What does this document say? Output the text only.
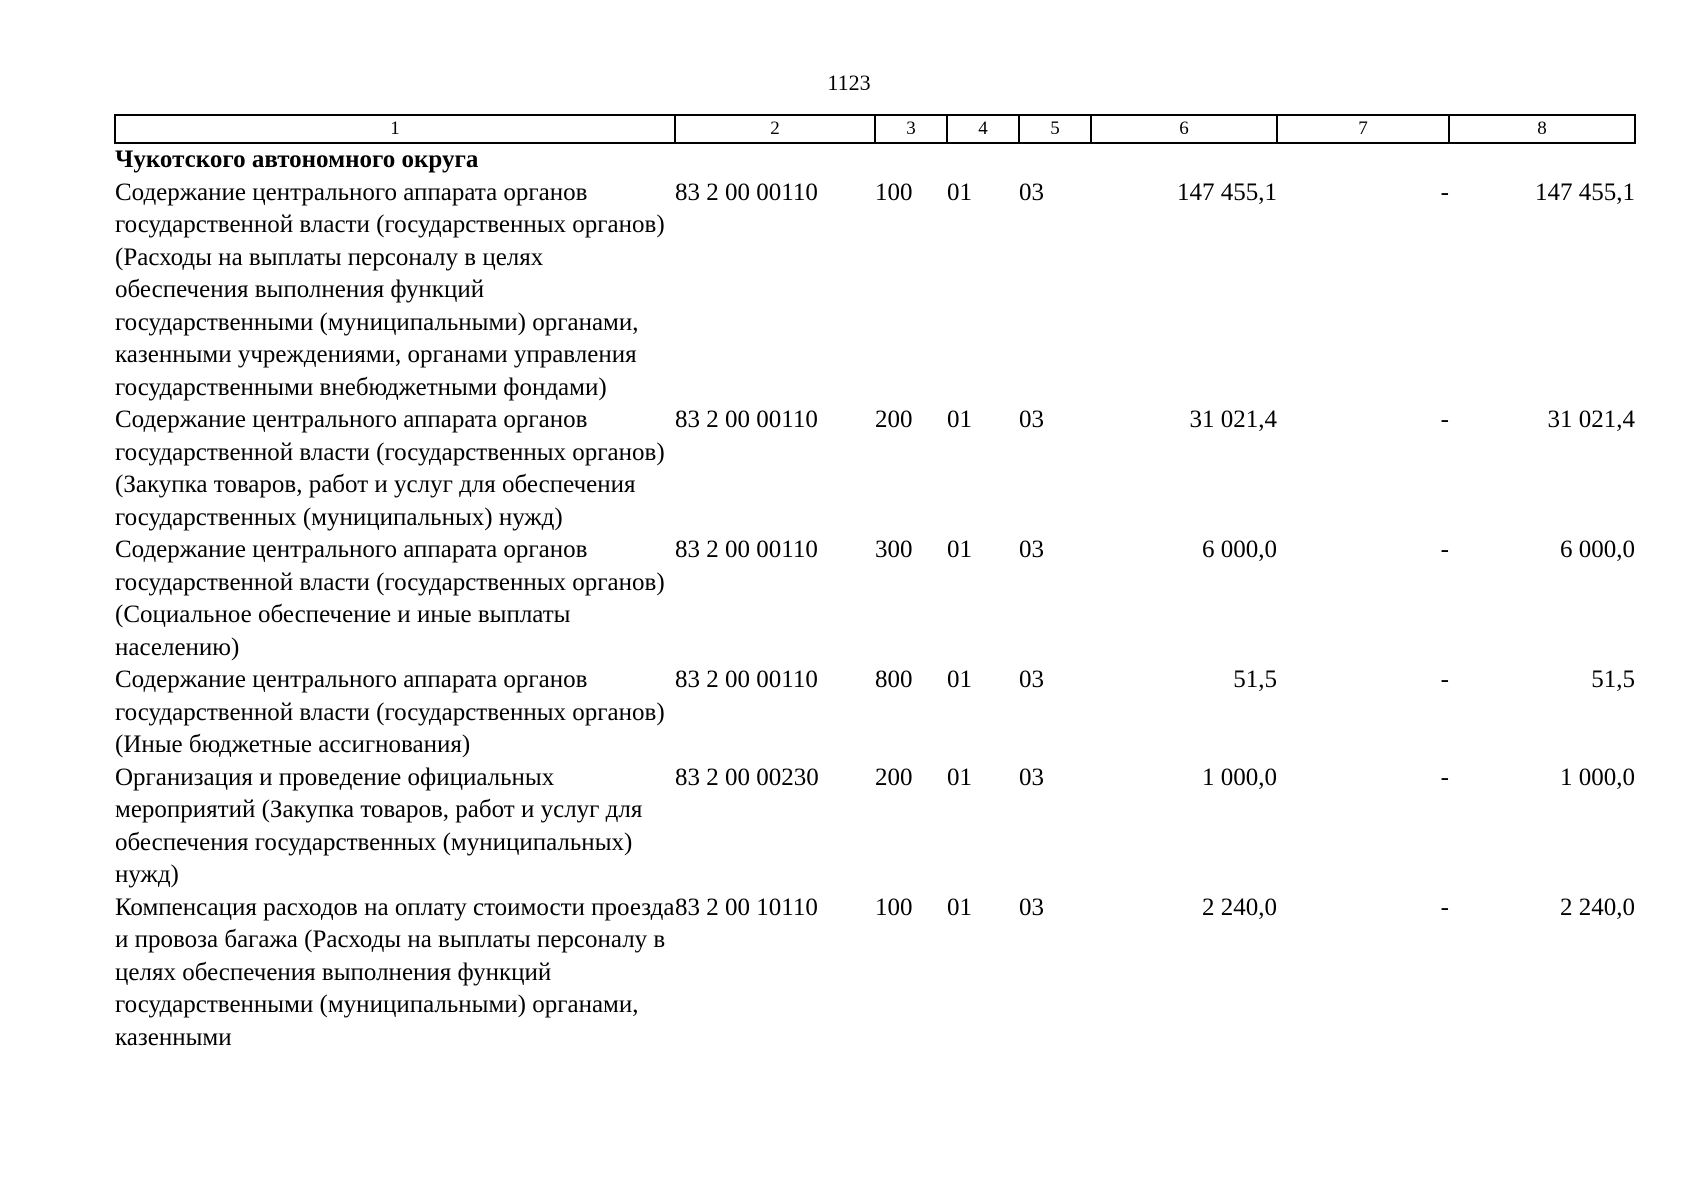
1123
1	2	3	4	5	6	7	8
Чукотского автономного округа							
Содержание центрального аппарата органов государственной власти (государственных органов) (Расходы на выплаты персоналу в целях обеспечения выполнения функций государственными (муниципальными) органами, казенными учреждениями, органами управления государственными внебюджетными фондами)	83 2 00 00110	100	01	03	147 455,1	-	147 455,1
Содержание центрального аппарата органов государственной власти (государственных органов) (Закупка товаров, работ и услуг для обеспечения государственных (муниципальных) нужд)	83 2 00 00110	200	01	03	31 021,4	-	31 021,4
Содержание центрального аппарата органов государственной власти (государственных органов) (Социальное обеспечение и иные выплаты населению)	83 2 00 00110	300	01	03	6 000,0	-	6 000,0
Содержание центрального аппарата органов государственной власти (государственных органов) (Иные бюджетные ассигнования)	83 2 00 00110	800	01	03	51,5	-	51,5
Организация и проведение официальных мероприятий (Закупка товаров, работ и услуг для обеспечения государственных (муниципальных) нужд)	83 2 00 00230	200	01	03	1 000,0	-	1 000,0
Компенсация расходов на оплату стоимости проезда и провоза багажа (Расходы на выплаты персоналу в целях обеспечения выполнения функций государственными (муниципальными) органами, казенными	83 2 00 10110	100	01	03	2 240,0	-	2 240,0
